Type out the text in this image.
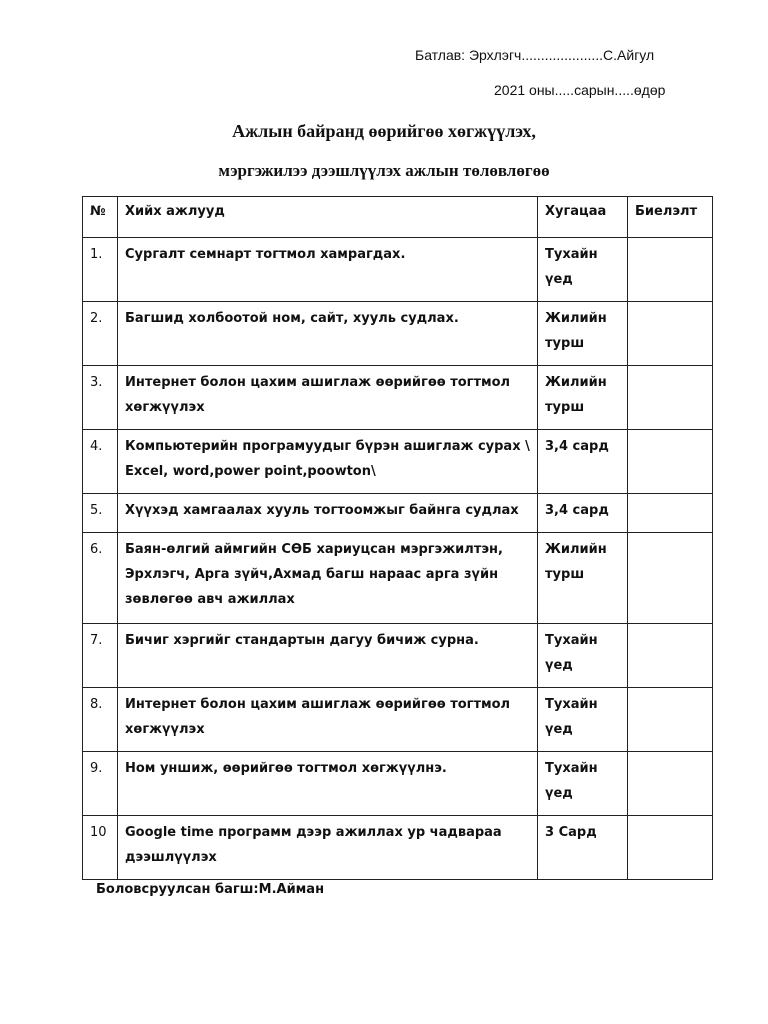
Батлав: Эрхлэгч.....................С.Айгул
2021 оны.....сарын.....өдөр
Ажлын байранд өөрийгөө хөгжүүлэх,
мэргэжилээ дээшлүүлэх ажлын төлөвлөгөө
№	Хийх ажлууд	Хугацаа	Биелэлт
1.	Сургалт семнарт тогтмол хамрагдах.	Тухайн үед	
2.	Багшид холбоотой ном, сайт, хууль судлах.	Жилийн турш	
3.	Интернет болон цахим ашиглаж өөрийгөө тогтмол хөгжүүлэх	Жилийн турш	
4.	Компьютерийн програмуудыг бүрэн ашиглаж сурах \ Excel, word,power point,poowton\	3,4 сард	
5.	Хүүхэд хамгаалах хууль тогтоомжыг байнга судлах	3,4 сард	
6.	Баян-өлгий аймгийн СӨБ хариуцсан мэргэжилтэн, Эрхлэгч, Арга зүйч,Ахмад багш нараас арга зүйн зөвлөгөө авч ажиллах	Жилийн турш	
7.	Бичиг хэргийг стандартын дагуу бичиж сурна.	Тухайн үед	
8.	Интернет болон цахим ашиглаж өөрийгөө тогтмол хөгжүүлэх	Тухайн үед	
9.	Ном уншиж, өөрийгөө тогтмол хөгжүүлнэ.	Тухайн үед	
10	Google time программ дээр ажиллах ур чадвараа дээшлүүлэх	3 Сард	
Боловсруулсан багш:М.Айман
